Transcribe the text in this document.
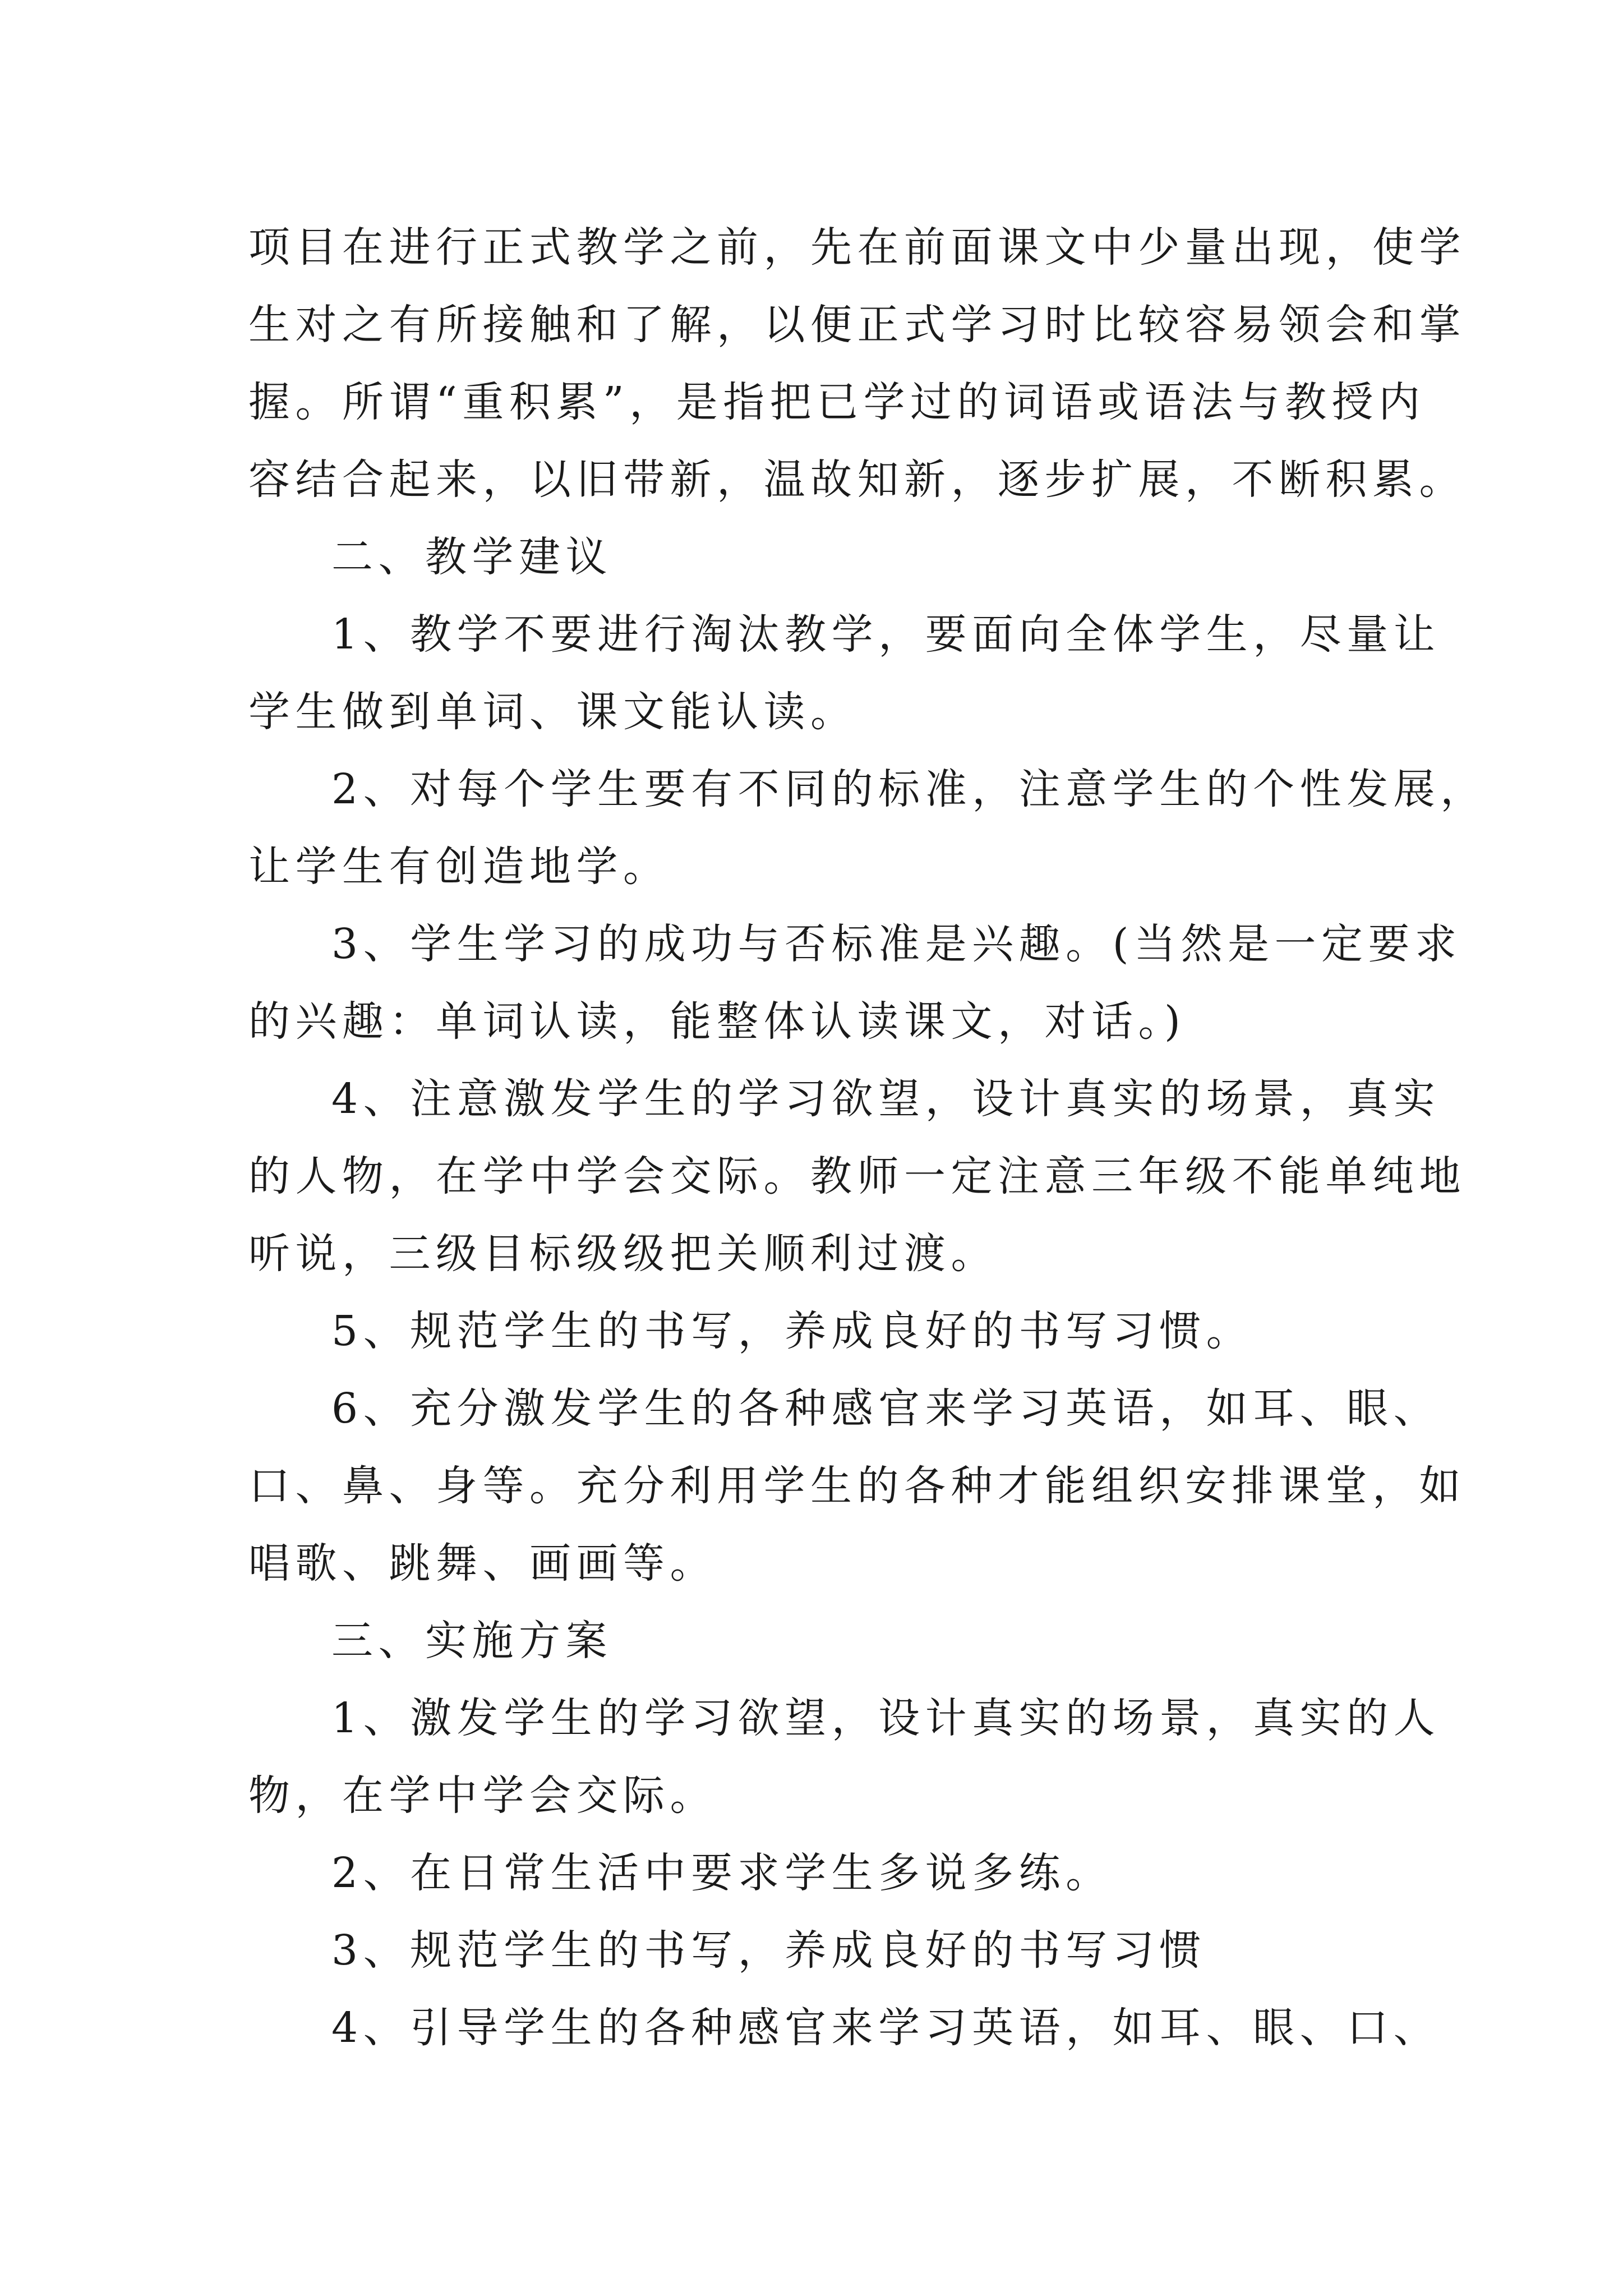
项目在进行正式教学之前，先在前面课文中少量出现，使学

生对之有所接触和了解，以便正式学习时比较容易领会和掌

握。所谓“重积累”，是指把已学过的词语或语法与教授内

容结合起来，以旧带新，温故知新，逐步扩展，不断积累。

二、教学建议

1、教学不要进行淘汰教学，要面向全体学生，尽量让

学生做到单词、课文能认读。

2、对每个学生要有不同的标准，注意学生的个性发展，

让学生有创造地学。

3、学生学习的成功与否标准是兴趣。(当然是一定要求

的兴趣：单词认读，能整体认读课文，对话。)

4、注意激发学生的学习欲望，设计真实的场景，真实

的人物，在学中学会交际。教师一定注意三年级不能单纯地

听说，三级目标级级把关顺利过渡。

5、规范学生的书写，养成良好的书写习惯。

6、充分激发学生的各种感官来学习英语，如耳、眼、

口、鼻、身等。充分利用学生的各种才能组织安排课堂，如

唱歌、跳舞、画画等。

三、实施方案

1、激发学生的学习欲望，设计真实的场景，真实的人

物，在学中学会交际。

2、在日常生活中要求学生多说多练。

3、规范学生的书写，养成良好的书写习惯

4、引导学生的各种感官来学习英语，如耳、眼、口、
